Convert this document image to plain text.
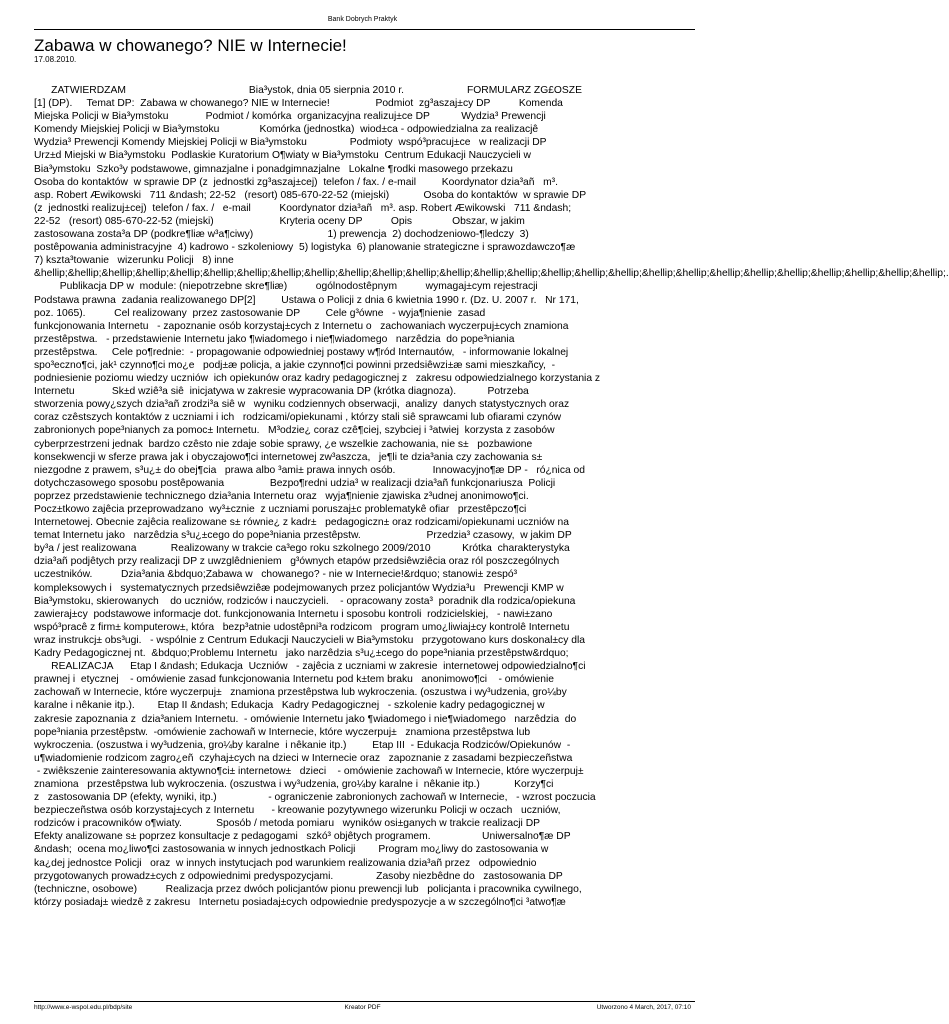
Bank Dobrych Praktyk
Zabawa w chowanego? NIE w Internecie!
17.08.2010.
ZATWIERDZAM                                           Bia³ystok, dnia 05 sierpnia 2010 r.                      FORMULARZ ZG£OSZE
[1] (DP).     Temat DP:  Zabawa w chowanego? NIE w Internecie!                Podmiot  zg³aszaj±cy DP          Komenda
Miejska Policji w Bia³ymstoku             Podmiot / komórka  organizacyjna realizuj±ce DP           Wydzia³ Prewencji
Komendy Miejskiej Policji w Bia³ymstoku              Komórka (jednostka)  wiod±ca - odpowiedzialna za realizacjê
Wydzia³ Prewencji Komendy Miejskiej Policji w Bia³ymstoku               Podmioty  wspó³pracuj±ce   w realizacji DP
Urz±d Miejski w Bia³ymstoku  Podlaskie Kuratorium O¶wiaty w Bia³ymstoku  Centrum Edukacji Nauczycieli w
Bia³ymstoku  Szko³y podstawowe, gimnazjalne i ponadgimnazjalne   Lokalne ¶rodki masowego przekazu
Osoba do kontaktów  w sprawie DP (z  jednostki zg³aszaj±cej)  telefon / fax. / e-mail         Koordynator dzia³añ   m³.
asp. Robert Æwikowski   711 &ndash; 22-52   (resort) 085-670-22-52 (miejski)            Osoba do kontaktów  w sprawie DP
(z  jednostki realizuj±cej)  telefon / fax. /   e-mail          Koordynator dzia³añ   m³. asp. Robert Æwikowski   711 &ndash;
22-52   (resort) 085-670-22-52 (miejski)                       Kryteria oceny DP          Opis              Obszar, w jakim
zastosowana zosta³a DP (podkre¶liæ w³a¶ciwy)                          1) prewencja  2) dochodzeniowo-¶ledczy  3)
postêpowania administracyjne  4) kadrowo - szkoleniowy  5) logistyka  6) planowanie strategiczne i sprawozdawczo¶æ
7) kszta³towanie   wizerunku Policji   8) inne
&hellip;&hellip;&hellip;&hellip;&hellip;&hellip;&hellip;&hellip;&hellip;&hellip;&hellip;&hellip;&hellip;&hellip;&hellip;&hellip;&hellip;&hellip;&hellip;&hellip;&hellip;&hellip;&hellip;&hellip;&hellip;&hellip;&hellip;.
Publikacja DP w  module: (niepotrzebne skre¶liæ)          ogólnodostêpnym          wymagaj±cym rejestracji
Podstawa prawna  zadania realizowanego DP[2]         Ustawa o Policji z dnia 6 kwietnia 1990 r. (Dz. U. 2007 r.   Nr 171,
poz. 1065).          Cel realizowany  przez zastosowanie DP         Cele g³ówne   - wyja¶nienie  zasad
funkcjonowania Internetu   - zapoznanie osób korzystaj±cych z Internetu o   zachowaniach wyczerpuj±cych znamiona
przestêpstwa.   - przedstawienie Internetu jako ¶wiadomego i nie¶wiadomego   narzêdzia  do pope³niania
przestêpstwa.     Cele po¶rednie:  - propagowanie odpowiedniej postawy w¶ród Internautów,   - informowanie lokalnej
spo³eczno¶ci, jak¹ czynno¶ci mo¿e   podj±æ policja, a jakie czynno¶ci powinni przedsiêwzi±æ sami mieszkañcy,  -
podniesienie poziomu wiedzy uczniów  ich opiekunów oraz kadry pedagogicznej z   zakresu odpowiedzialnego korzystania z
Internetu             Sk±d wziê³a siê  inicjatywa w zakresie wypracowania DP (krótka diagnoza).           Potrzeba
stworzenia powy¿szych dzia³añ zrodzi³a siê w   wyniku codziennych obserwacji,  analizy  danych statystycznych oraz
coraz czêstszych kontaktów z uczniami i ich   rodzicami/opiekunami , którzy stali siê sprawcami lub ofiarami czynów
zabronionych pope³nianych za pomoc± Internetu.   M³odzie¿ coraz czê¶ciej, szybciej i ³atwiej  korzysta z zasobów
cyberprzestrzeni jednak  bardzo czêsto nie zdaje sobie sprawy, ¿e wszelkie zachowania, nie s±   pozbawione
konsekwencji w sferze prawa jak i obyczajowo¶ci internetowej zw³aszcza,   je¶li te dzia³ania czy zachowania s±
niezgodne z prawem, s³u¿± do obej¶cia   prawa albo ³ami± prawa innych osób.             Innowacyjno¶æ DP -   ró¿nica od
dotychczasowego sposobu postêpowania                Bezpo¶redni udzia³ w realizacji dzia³añ funkcjonariusza  Policji
poprzez przedstawienie technicznego dzia³ania Internetu oraz   wyja¶nienie zjawiska z³udnej anonimowo¶ci.
Pocz±tkowo zajêcia przeprowadzano  wy³±cznie  z uczniami poruszaj±c problematykê ofiar   przestêpczo¶ci
Internetowej. Obecnie zajêcia realizowane s± równie¿ z kadr±   pedagogiczn± oraz rodzicami/opiekunami uczniów na
temat Internetu jako   narzêdzia s³u¿±cego do pope³niania przestêpstw.                       Przedzia³ czasowy,  w jakim DP
by³a / jest realizowana            Realizowany w trakcie ca³ego roku szkolnego 2009/2010           Krótka  charakterystyka
dzia³añ podjêtych przy realizacji DP z uwzglêdnieniem   g³ównych etapów przedsiêwziêcia oraz ról poszczególnych
uczestników.          Dzia³ania &bdquo;Zabawa w   chowanego? - nie w Internecie!&rdquo; stanowi± zespó³
kompleksowych i   systematycznych przedsiêwziêæ podejmowanych przez policjantów Wydzia³u   Prewencji KMP w
Bia³ymstoku, skierowanych    do uczniów, rodziców i nauczycieli.    - opracowany zosta³  poradnik dla rodzica/opiekuna
zawieraj±cy  podstawowe informacje dot. funkcjonowania Internetu i sposobu kontroli  rodzicielskiej,   - nawi±zano
wspó³pracê z firm± komputerow±, która   bezp³atnie udostêpni³a rodzicom   program umo¿liwiaj±cy kontrolê Internetu
wraz instrukcj± obs³ugi.   - wspólnie z Centrum Edukacji Nauczycieli w Bia³ymstoku   przygotowano kurs doskonal±cy dla
Kadry Pedagogicznej nt.  &bdquo;Problemu Internetu   jako narzêdzia s³u¿±cego do pope³niania przestêpstw&rdquo;
REALIZACJA      Etap I &ndash; Edukacja  Uczniów   - zajêcia z uczniami w zakresie  internetowej odpowiedzialno¶ci
prawnej i  etycznej    - omówienie zasad funkcjonowania Internetu pod k±tem braku   anonimowo¶ci    - omówienie
zachowañ w Internecie, które wyczerpuj±   znamiona przestêpstwa lub wykroczenia. (oszustwa i wy³udzenia, gro¼by
karalne i nêkanie itp.).        Etap II &ndash; Edukacja   Kadry Pedagogicznej   - szkolenie kadry pedagogicznej w
zakresie zapoznania z  dzia³aniem Internetu.  - omówienie Internetu jako ¶wiadomego i nie¶wiadomego   narzêdzia  do
pope³niania przestêpstw.  -omówienie zachowañ w Internecie, które wyczerpuj±   znamiona przestêpstwa lub
wykroczenia. (oszustwa i wy³udzenia, gro¼by karalne  i nêkanie itp.)         Etap III  - Edukacja Rodziców/Opiekunów  -
u¶wiadomienie rodzicom zagro¿eñ  czyhaj±cych na dzieci w Internecie oraz   zapoznanie z zasadami bezpieczeñstwa
- zwiêkszenie zainteresowania aktywno¶ci± internetow±   dzieci    - omówienie zachowañ w Internecie, które wyczerpuj±
znamiona   przestêpstwa lub wykroczenia. (oszustwa i wy³udzenia, gro¼by karalne i  nêkanie itp.)            Korzy¶ci
z   zastosowania DP (efekty, wyniki, itp.)                  - ograniczenie zabronionych zachowañ w Internecie,   - wzrost poczucia
bezpieczeñstwa osób korzystaj±cych z Internetu      - kreowanie pozytywnego wizerunku Policji w oczach   uczniów,
rodziców i pracowników o¶wiaty.            Sposób / metoda pomiaru   wyników osi±ganych w trakcie realizacji DP
Efekty analizowane s± poprzez konsultacje z pedagogami   szkó³ objêtych programem.                  Uniwersalno¶æ DP
&ndash;  ocena mo¿liwo¶ci zastosowania w innych jednostkach Policji        Program mo¿liwy do zastosowania w
ka¿dej jednostce Policji   oraz  w innych instytucjach pod warunkiem realizowania dzia³añ przez   odpowiednio
przygotowanych prowadz±cych z odpowiednimi predyspozycjami.               Zasoby niezbêdne do   zastosowania DP
(techniczne, osobowe)          Realizacja przez dwóch policjantów pionu prewencji lub   policjanta i pracownika cywilnego,
którzy posiadaj± wiedzê z zakresu   Internetu posiadaj±cych odpowiednie predyspozycje a w szczególno¶ci ³atwo¶æ
http://www.e-wspol.edu.pl/bdp/site	Kreator PDF	Utworzono 4 March, 2017, 07:10
